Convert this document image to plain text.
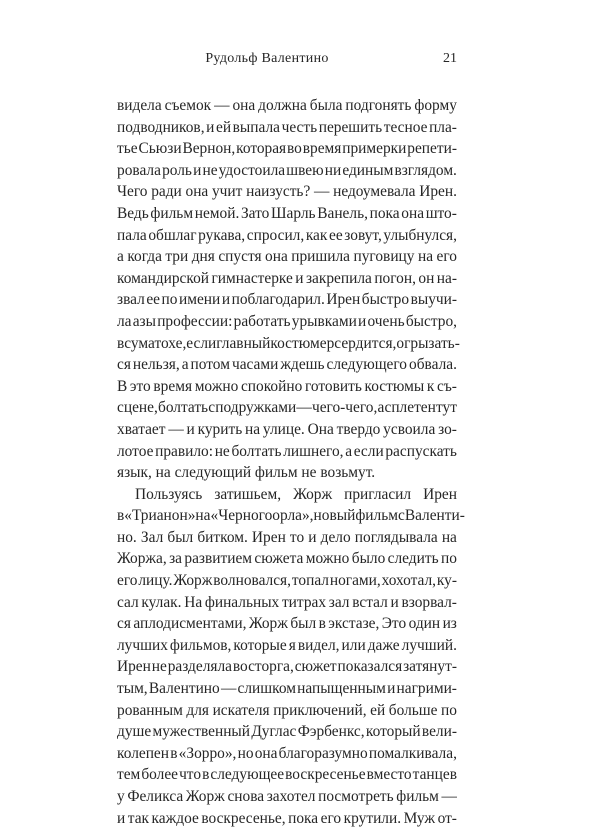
Рудольф Валентино	21
видела съемок — она должна была подгонять форму
подводников, и ей выпала честь перешить тесное пла-
тье Сьюзи Вернон, которая во время примерки репети-
ровала роль и не удостоила швею ни единым взглядом.
Чего ради она учит наизусть? — недоумевала Ирен.
Ведь фильм немой. Зато Шарль Ванель, пока она што-
пала обшлаг рукава, спросил, как ее зовут, улыбнулся,
а когда три дня спустя она пришила пуговицу на его
командирской гимнастерке и закрепила погон, он на-
звал ее по имени и поблагодарил. Ирен быстро выучи-
ла азы профессии: работать урывками и очень быстро,
в суматохе, если главный костюмер сердится, огрызать-
ся нельзя, а потом часами ждешь следующего обвала.
В это время можно спокойно готовить костюмы к съ-
сцене, болтать с подружками — чего-чего, а сплетен тут
хватает — и курить на улице. Она твердо усвоила зо-
лотое правило: не болтать лишнего, а если распускать
язык, на следующий фильм не возьмут.
Пользуясь затишьем, Жорж пригласил Ирен
в «Трианон» на «Черного орла», новый фильм с Валенти-
но. Зал был битком. Ирен то и дело поглядывала на
Жоржа, за развитием сюжета можно было следить по
его лицу. Жорж волновался, топал ногами, хохотал, ку-
сал кулак. На финальных титрах зал встал и взорвал-
ся аплодисментами, Жорж был в экстазе, Это один из
лучших фильмов, которые я видел, или даже лучший.
Ирен не разделяла восторга, сюжет показался затянут-
тым, Валентино — слишком напыщенным и нагрими-
рованным для искателя приключений, ей больше по
душе мужественный Дуглас Фэрбенкс, который вели-
колепен в «Зорро», но она благоразумно помалкивала,
тем более что в следующее воскресенье вместо танцев
у Феликса Жорж снова захотел посмотреть фильм —
и так каждое воскресенье, пока его крутили. Муж от-
